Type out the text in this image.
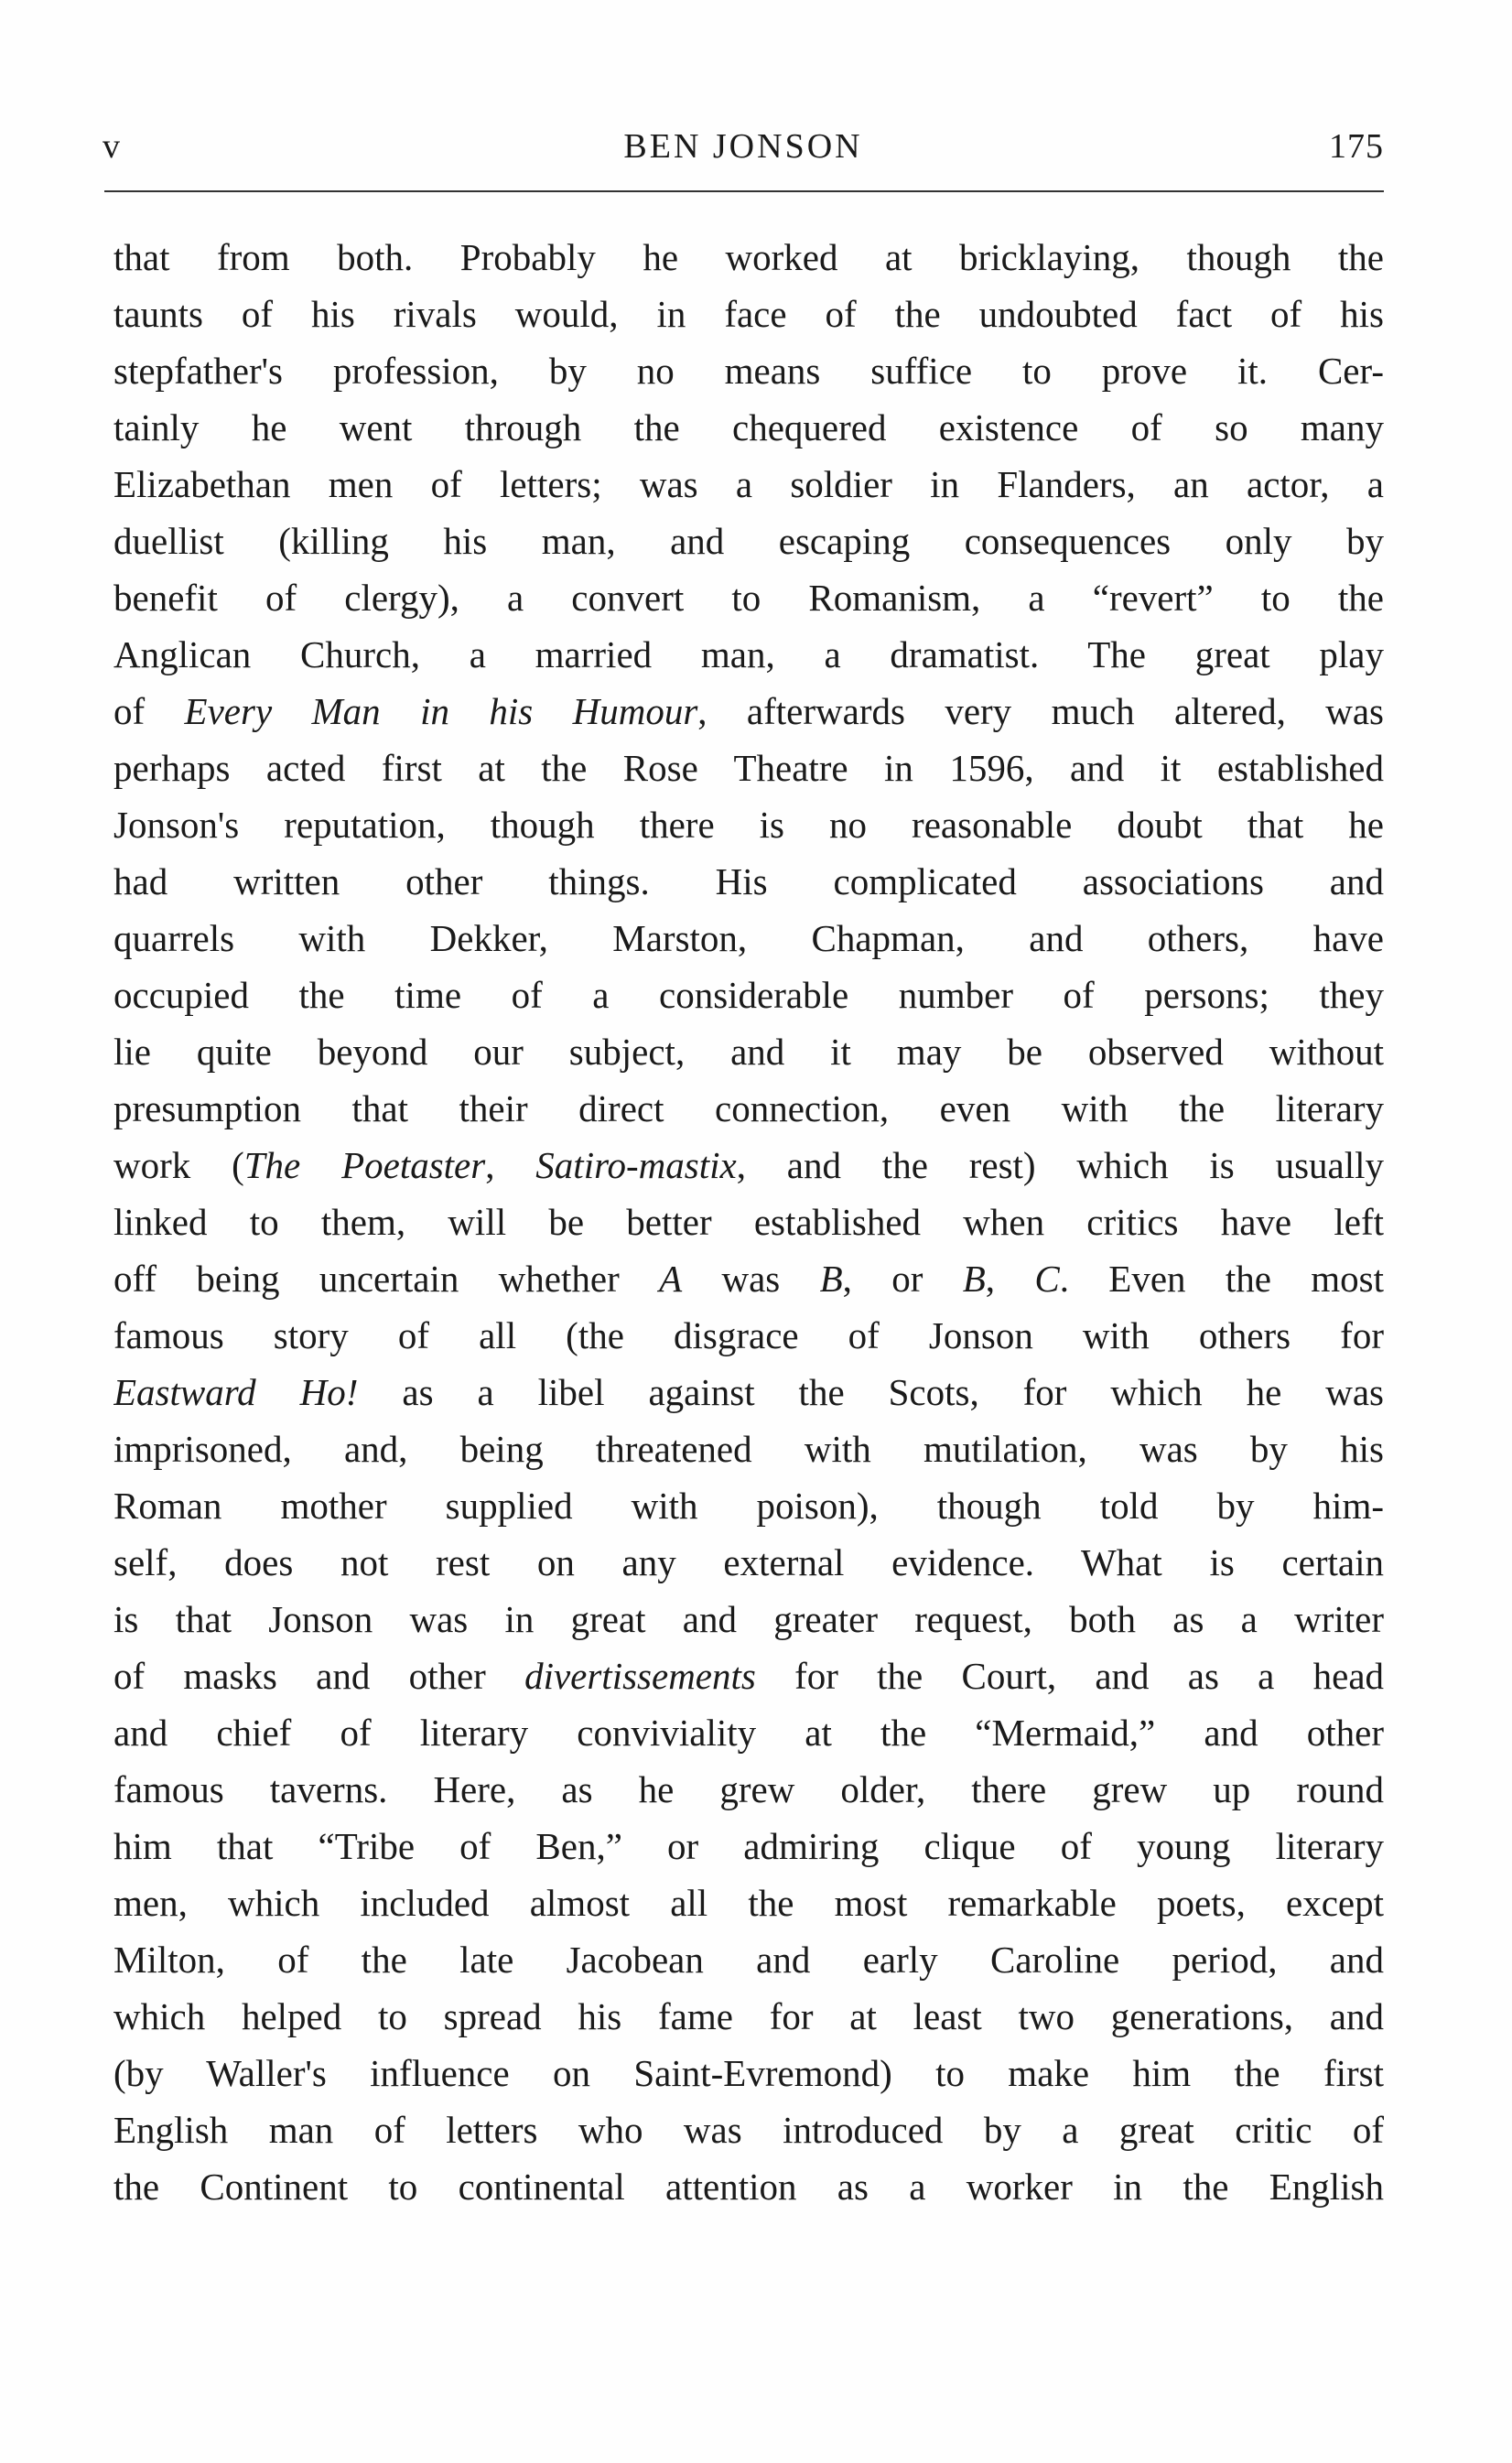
v	BEN JONSON	175
that from both. Probably he worked at bricklaying, though the
taunts of his rivals would, in face of the undoubted fact of his
stepfather's profession, by no means suffice to prove it. Cer-
tainly he went through the chequered existence of so many
Elizabethan men of letters; was a soldier in Flanders, an actor, a
duellist (killing his man, and escaping consequences only by
benefit of clergy), a convert to Romanism, a “revert” to the
Anglican Church, a married man, a dramatist. The great play
of Every Man in his Humour, afterwards very much altered, was
perhaps acted first at the Rose Theatre in 1596, and it established
Jonson's reputation, though there is no reasonable doubt that he
had written other things. His complicated associations and
quarrels with Dekker, Marston, Chapman, and others, have
occupied the time of a considerable number of persons; they
lie quite beyond our subject, and it may be observed without
presumption that their direct connection, even with the literary
work (The Poetaster, Satiro-mastix, and the rest) which is usually
linked to them, will be better established when critics have left
off being uncertain whether A was B, or B, C. Even the most
famous story of all (the disgrace of Jonson with others for
Eastward Ho! as a libel against the Scots, for which he was
imprisoned, and, being threatened with mutilation, was by his
Roman mother supplied with poison), though told by him-
self, does not rest on any external evidence. What is certain
is that Jonson was in great and greater request, both as a writer
of masks and other divertissements for the Court, and as a head
and chief of literary conviviality at the “Mermaid,” and other
famous taverns. Here, as he grew older, there grew up round
him that “Tribe of Ben,” or admiring clique of young literary
men, which included almost all the most remarkable poets, except
Milton, of the late Jacobean and early Caroline period, and
which helped to spread his fame for at least two generations, and
(by Waller's influence on Saint-Evremond) to make him the first
English man of letters who was introduced by a great critic of
the Continent to continental attention as a worker in the English
